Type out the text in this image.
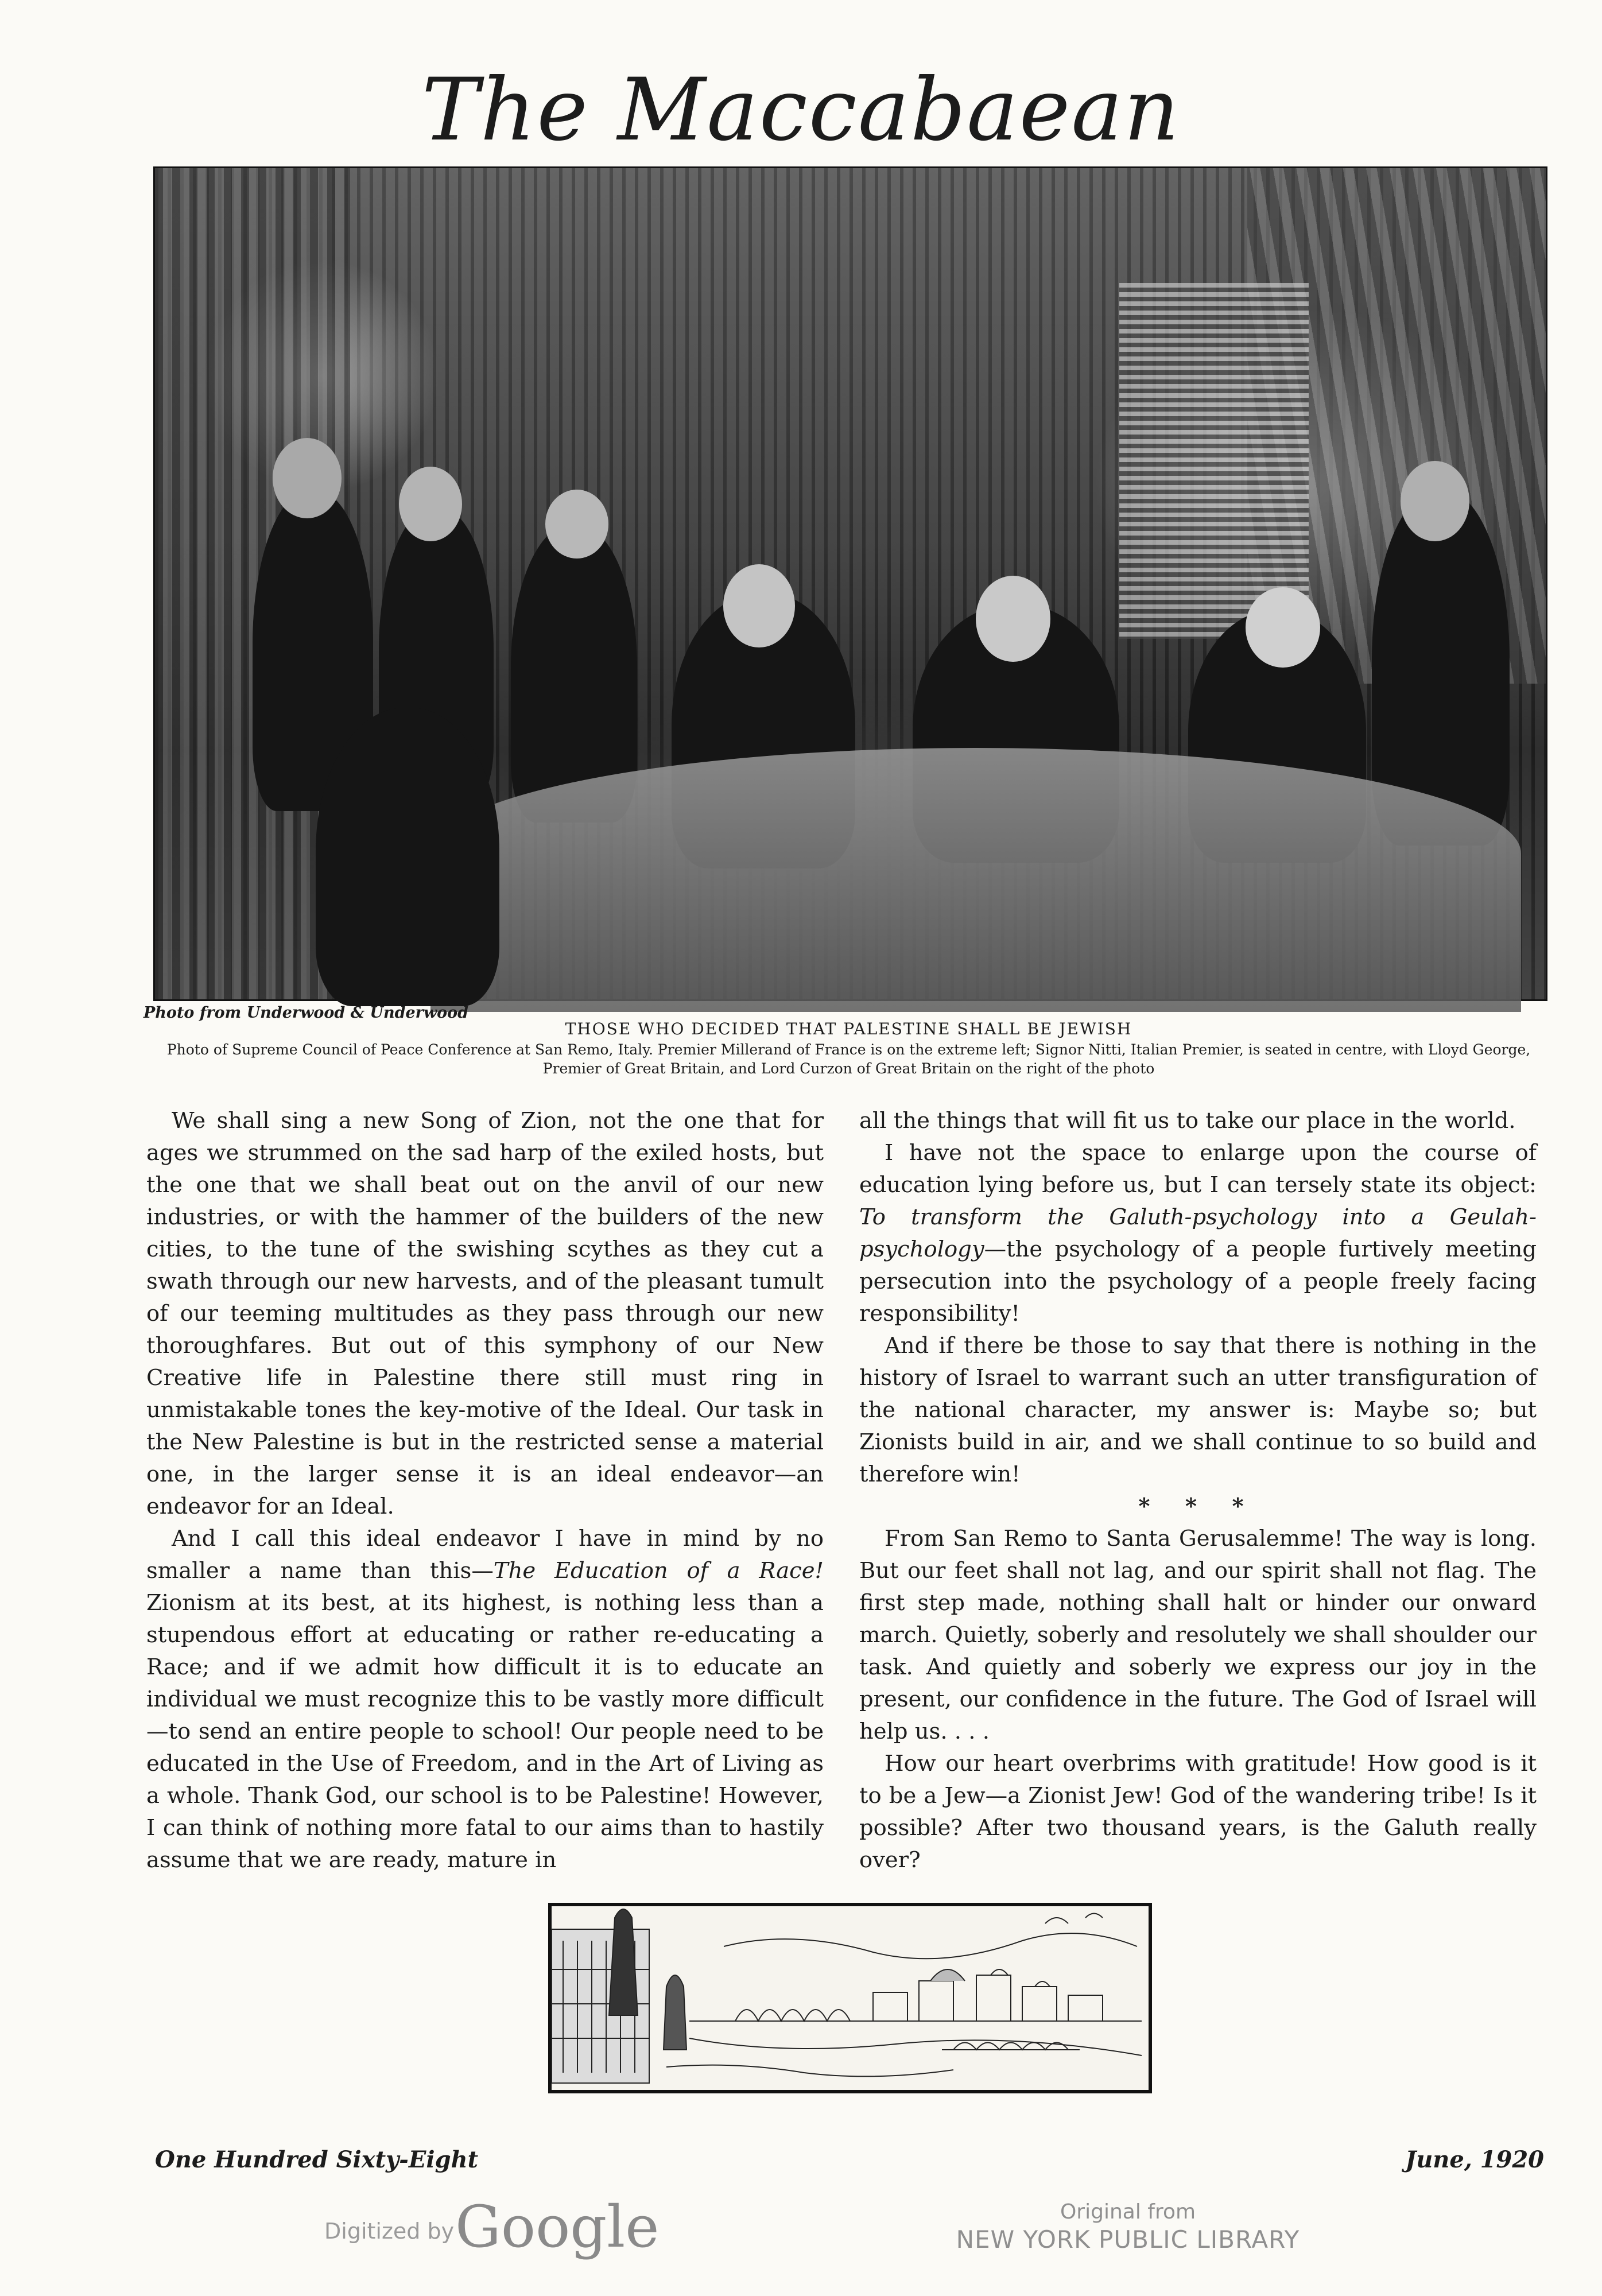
The Maccabaean
Photo from Underwood & Underwood
THOSE WHO DECIDED THAT PALESTINE SHALL BE JEWISH
Photo of Supreme Council of Peace Conference at San Remo, Italy. Premier Millerand of France is on the extreme left; Signor Nitti, Italian Premier, is seated in centre, with Lloyd George, Premier of Great Britain, and Lord Curzon of Great Britain on the right of the photo

We shall sing a new Song of Zion, not the one that for ages we strummed on the sad harp of the exiled hosts, but the one that we shall beat out on the anvil of our new industries, or with the hammer of the builders of the new cities, to the tune of the swishing scythes as they cut a swath through our new harvests, and of the pleasant tumult of our teeming multitudes as they pass through our new thoroughfares. But out of this symphony of our New Creative life in Palestine there still must ring in unmistakable tones the key-motive of the Ideal. Our task in the New Palestine is but in the restricted sense a material one, in the larger sense it is an ideal endeavor—an endeavor for an Ideal.

And I call this ideal endeavor I have in mind by no smaller a name than this—The Education of a Race! Zionism at its best, at its highest, is nothing less than a stupendous effort at educating or rather re-educating a Race; and if we admit how difficult it is to educate an individual we must recognize this to be vastly more difficult—to send an entire people to school! Our people need to be educated in the Use of Freedom, and in the Art of Living as a whole. Thank God, our school is to be Palestine! However, I can think of nothing more fatal to our aims than to hastily assume that we are ready, mature in

all the things that will fit us to take our place in the world.

I have not the space to enlarge upon the course of education lying before us, but I can tersely state its object: To transform the Galuth-psychology into a Geulah-psychology—the psychology of a people furtively meeting persecution into the psychology of a people freely facing responsibility!

And if there be those to say that there is nothing in the history of Israel to warrant such an utter transfiguration of the national character, my answer is: Maybe so; but Zionists build in air, and we shall continue to so build and therefore win!

* * *

From San Remo to Santa Gerusalemme! The way is long. But our feet shall not lag, and our spirit shall not flag. The first step made, nothing shall halt or hinder our onward march. Quietly, soberly and resolutely we shall shoulder our task. And quietly and soberly we express our joy in the present, our confidence in the future. The God of Israel will help us. . . .

How our heart overbrims with gratitude! How good is it to be a Jew—a Zionist Jew! God of the wandering tribe! Is it possible? After two thousand years, is the Galuth really over?

One Hundred Sixty-Eight	June, 1920
Digitized by Google	Original from
NEW YORK PUBLIC LIBRARY
